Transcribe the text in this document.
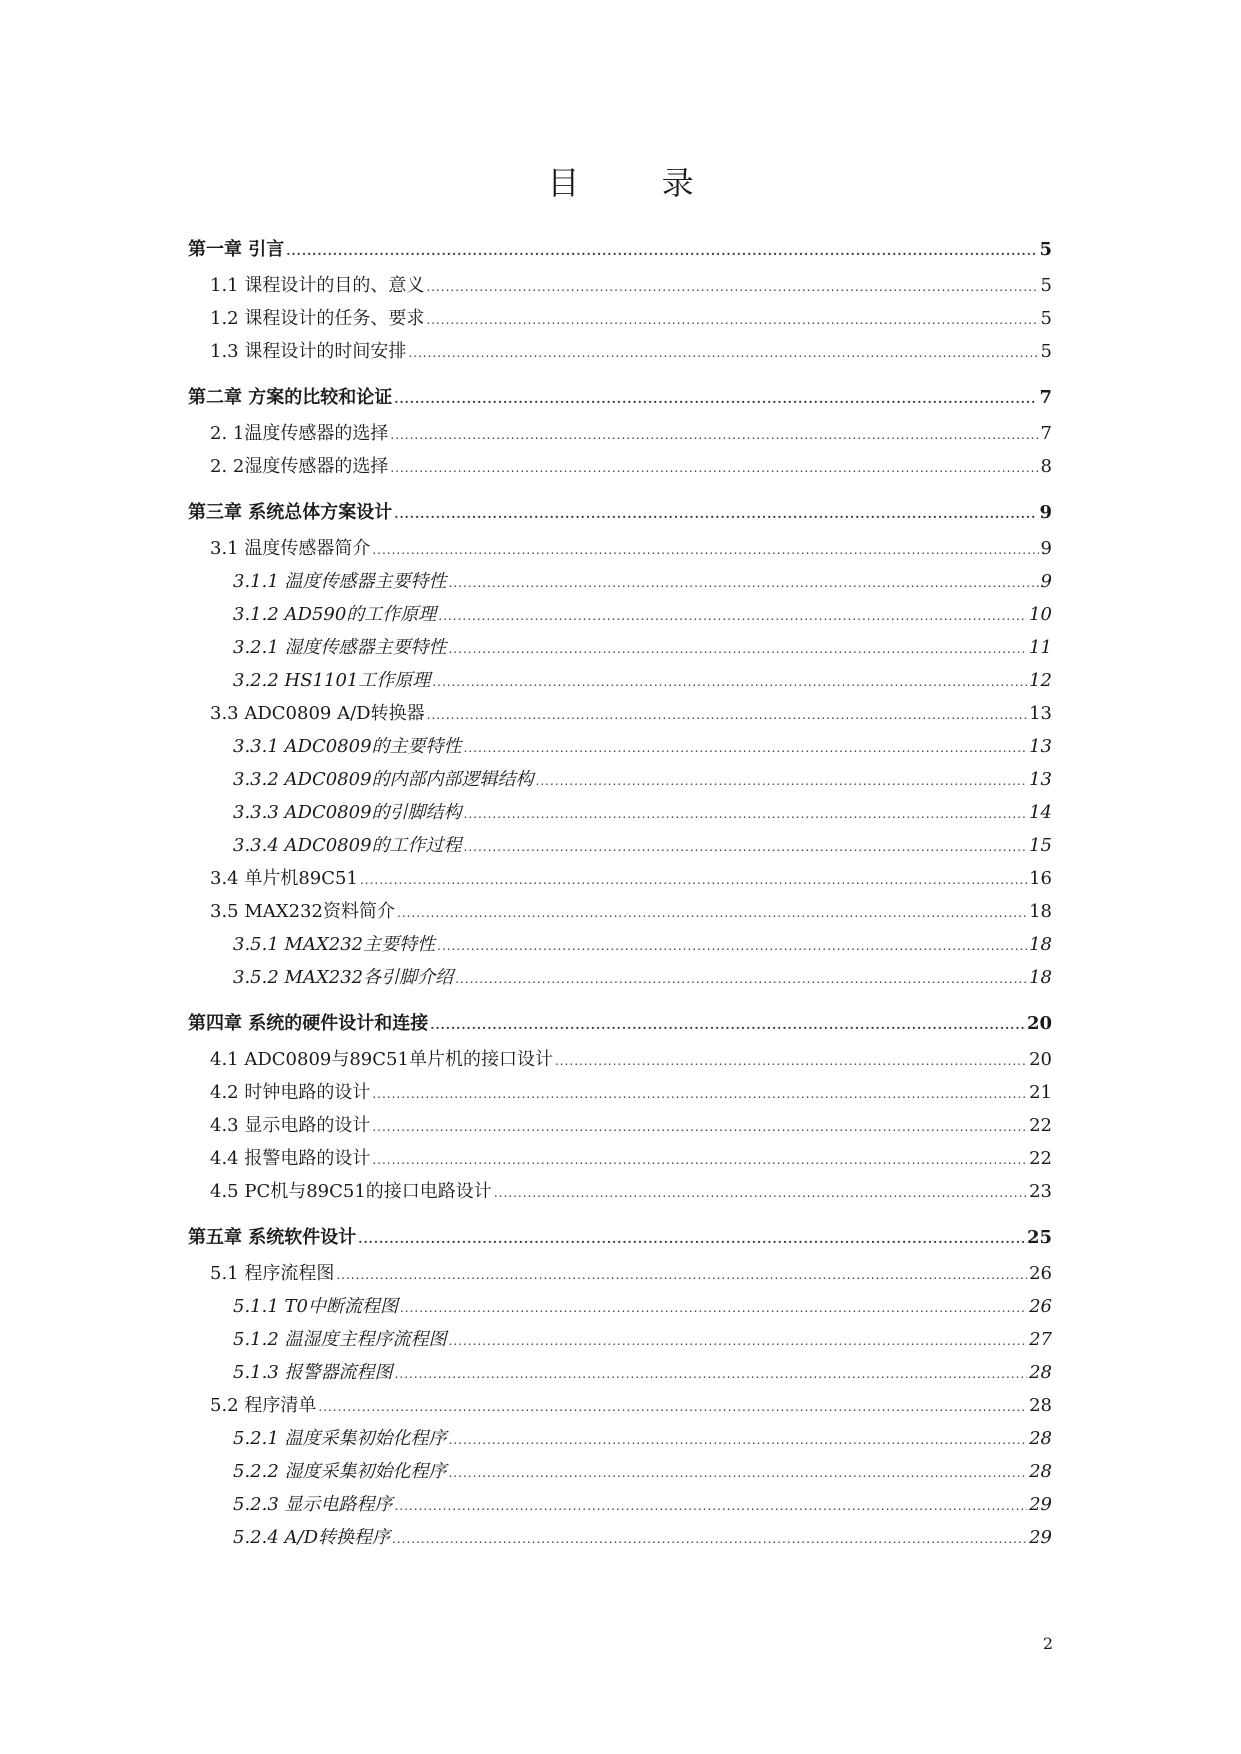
目 录
第一章 引言 .....	5
1.1 课程设计的目的、意义 .....	5
1.2 课程设计的任务、要求 .....	5
1.3 课程设计的时间安排 .....	5
第二章 方案的比较和论证 .....	7
2. 1温度传感器的选择 .....	7
2. 2湿度传感器的选择 .....	8
第三章 系统总体方案设计 .....	9
3.1 温度传感器简介 .....	9
3.1.1 温度传感器主要特性 .....	9
3.1.2 AD590的工作原理 .....	10
3.2.1 湿度传感器主要特性 .....	11
3.2.2 HS1101工作原理 .....	12
3.3 ADC0809 A/D转换器 .....	13
3.3.1 ADC0809的主要特性 .....	13
3.3.2 ADC0809的内部内部逻辑结构 .....	13
3.3.3 ADC0809的引脚结构 .....	14
3.3.4 ADC0809的工作过程 .....	15
3.4 单片机89C51 .....	16
3.5 MAX232资料简介 .....	18
3.5.1 MAX232主要特性 .....	18
3.5.2 MAX232各引脚介绍 .....	18
第四章 系统的硬件设计和连接 .....	20
4.1 ADC0809与89C51单片机的接口设计 .....	20
4.2 时钟电路的设计 .....	21
4.3 显示电路的设计 .....	22
4.4 报警电路的设计 .....	22
4.5 PC机与89C51的接口电路设计 .....	23
第五章 系统软件设计 .....	25
5.1 程序流程图 .....	26
5.1.1 T0中断流程图 .....	26
5.1.2 温湿度主程序流程图 .....	27
5.1.3 报警器流程图 .....	28
5.2 程序清单 .....	28
5.2.1 温度采集初始化程序 .....	28
5.2.2 湿度采集初始化程序 .....	28
5.2.3 显示电路程序 .....	29
5.2.4 A/D转换程序 .....	29
2
